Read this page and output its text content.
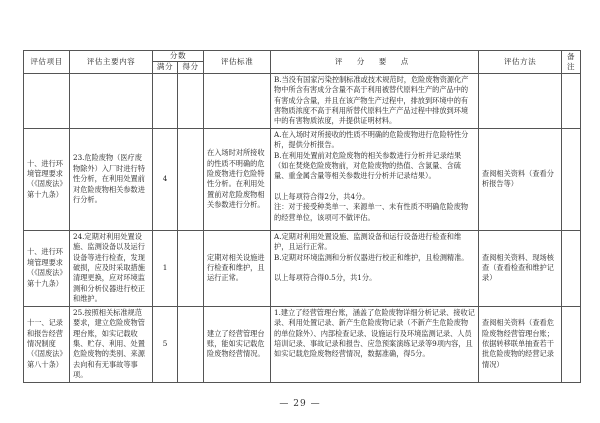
评估项目	评估主要内容	分数		评估标准	评 分 要 点	评估方法	备注
		满分	得分				

					B.当没有国家污染控制标准或技术规范时，危险废物资源化产物中所含有害成分含量不高于利用被替代原料生产的产品中的有害成分含量，并且在该产物生产过程中，排放到环境中的有害物质浓度不高于利用所替代原料生产产品过程中排放到环境中的有害物质浓度，并提供证明材料。		

十、进行环境管理要求（《固废法》第十九条）	23.危险废物（医疗废物除外）入厂时进行特性分析，在利用处置前对危险废物相关参数进行分析。	4		在入场时对所接收的性质不明确的危险废物进行危险特性分析。在利用处置前对危险废物相关参数进行分析。	A.在入场时对所接收的性质不明确的危险废物进行危险特性分析，提供分析报告。
B.在利用处置前对危险废物的相关参数进行分析并记录结果（如在焚烧危险废物前，对危险废物的热值、含氯量、含硫量、重金属含量等相关参数进行分析并记录结果）。
以上每项符合得2分，共4分。
注：对于接受种类单一、来源单一、未有性质不明确危险废物的经营单位，该项可不做评估。	查阅相关资料（查看分析报告等）	
十、进行环境管理要求（《固废法》第十九条）	24.定期对利用处置设施、监测设备以及运行设备等进行检查，发现破损，应及时采取措施清理更换，应对环境监测和分析仪器进行校正和维护。	1		定期对相关设施进行检查和维护，且运行正常。	A.定期对利用处置设施、监测设备和运行设备进行检查和维护，且运行正常。
B.定期对环境监测和分析仪器进行校正和维护，且检测精准。
以上每项符合得0.5分，共1分。	查阅相关资料、现场核查（查看检查和维护记录）	
十一、记录和报告经营情况制度（《固废法》第八十条）	25.按照相关标准规范要求，建立危险废物管理台账，如实记载收集、贮存、利用、处置危险废物的类别、来源去向和有无事故等事项。	5		建立了经营管理台账，能如实记载危险废物经营情况。	1.建立了经营管理台账，涵盖了危险废物详细分析记录、接收记录、利用处置记录、新产生危险废物记录（不新产生危险废物的单位除外）、内部检查记录、设施运行及环境监测记录、人员培训记录、事故记录和报告、应急预案演练记录等9项内容，且如实记载危险废物经营情况，数据准确，得5分。	查阅相关资料（查看危险废物经营管理台账；依据转移联单抽查若干批危险废物的经营记录情况）	
— 29 —
